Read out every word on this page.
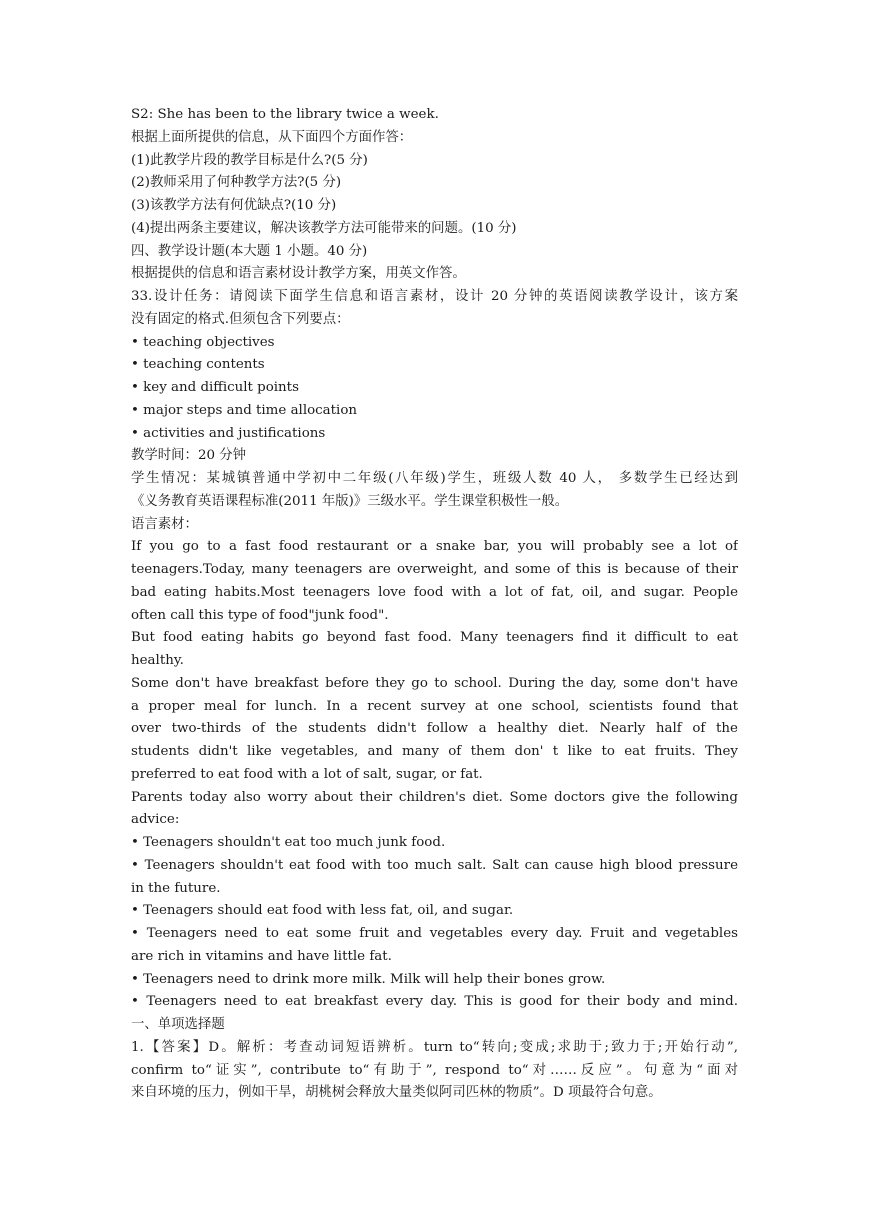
S2: She has been to the library twice a week.
根据上面所提供的信息，从下面四个方面作答：
(1)此教学片段的教学目标是什么?(5 分)
(2)教师采用了何种教学方法?(5 分)
(3)该教学方法有何优缺点?(10 分)
(4)提出两条主要建议，解决该教学方法可能带来的问题。(10 分)
四、教学设计题(本大题 1 小题。40 分)
根据提供的信息和语言素材设计教学方案，用英文作答。
33.设计任务：请阅读下面学生信息和语言素材，设计 20 分钟的英语阅读教学设计，该方案
没有固定的格式.但须包含下列要点：
• teaching objectives
• teaching contents
• key and difficult points
• major steps and time allocation
• activities and justifications
教学时间：20 分钟
学生情况：某城镇普通中学初中二年级(八年级)学生，班级人数 40 人， 多数学生已经达到
《义务教育英语课程标准(2011 年版)》三级水平。学生课堂积极性一般。
语言素材：
If you go to a fast food restaurant or a snake bar, you will probably see a lot of
teenagers.Today, many teenagers are overweight, and some of this is because of their
bad eating habits.Most teenagers love food with a lot of fat, oil, and sugar. People
often call this type of food"junk food".
But food eating habits go beyond fast food. Many teenagers find it difficult to eat
healthy.
Some don't have breakfast before they go to school. During the day, some don't have
a proper meal for lunch. In a recent survey at one school, scientists found that
over two-thirds of the students didn't follow a healthy diet. Nearly half of the
students didn't like vegetables, and many of them don' t like to eat fruits. They
preferred to eat food with a lot of salt, sugar, or fat.
Parents today also worry about their children's diet. Some doctors give the following
advice:
• Teenagers shouldn't eat too much junk food.
• Teenagers shouldn't eat food with too much salt. Salt can cause high blood pressure
in the future.
• Teenagers should eat food with less fat, oil, and sugar.
• Teenagers need to eat some fruit and vegetables every day. Fruit and vegetables
are rich in vitamins and have little fat.
• Teenagers need to drink more milk. Milk will help their bones grow.
• Teenagers need to eat breakfast every day. This is good for their body and mind.
一、单项选择题
1.【答案】D。解析：考查动词短语辨析。turn to“转向;变成;求助于;致力于;开始行动”,
confirm to“证实”, contribute to“有助于”, respond to“对……反应”。句意为“面对
来自环境的压力，例如干旱，胡桃树会释放大量类似阿司匹林的物质”。D 项最符合句意。
